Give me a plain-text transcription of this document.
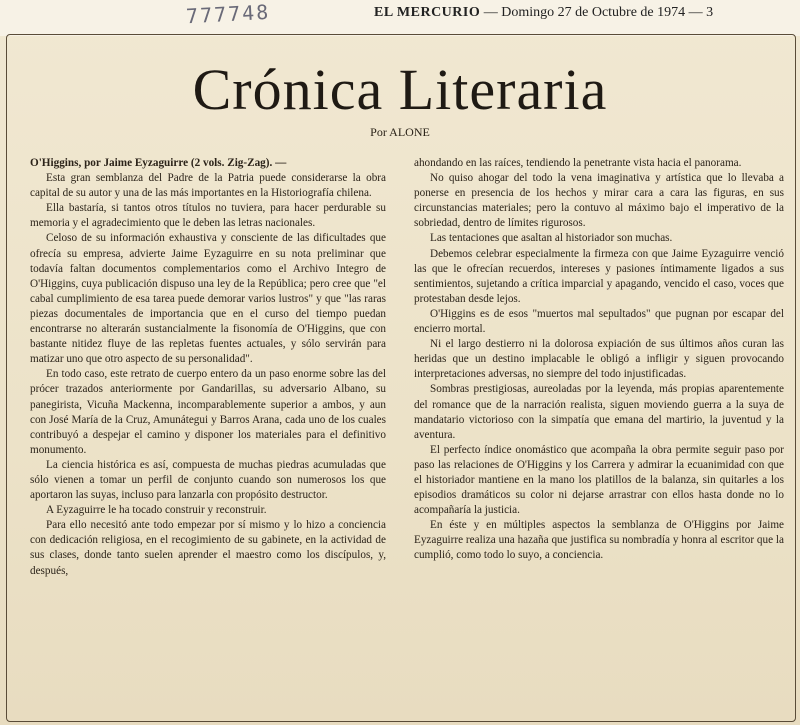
777748	EL MERCURIO — Domingo 27 de Octubre de 1974 — 3
Crónica Literaria
Por ALONE

O'Higgins, por Jaime Eyzaguirre (2 vols. Zig-Zag). —

Esta gran semblanza del Padre de la Patria puede considerarse la obra capital de su autor y una de las más importantes en la Historiografía chilena.

Ella bastaría, si tantos otros títulos no tuviera, para hacer perdurable su memoria y el agradecimiento que le deben las letras nacionales.

Celoso de su información exhaustiva y consciente de las dificultades que ofrecía su empresa, advierte Jaime Eyzaguirre en su nota preliminar que todavía faltan documentos complementarios como el Archivo Integro de O'Higgins, cuya publicación dispuso una ley de la República; pero cree que "el cabal cumplimiento de esa tarea puede demorar varios lustros" y que "las raras piezas documentales de importancia que en el curso del tiempo puedan encontrarse no alterarán sustancialmente la fisonomía de O'Higgins, que con bastante nitidez fluye de las repletas fuentes actuales, y sólo servirán para matizar uno que otro aspecto de su personalidad".

En todo caso, este retrato de cuerpo entero da un paso enorme sobre las del prócer trazados anteriormente por Gandarillas, su adversario Albano, su panegirista, Vicuña Mackenna, incomparablemente superior a ambos, y aun con José María de la Cruz, Amunátegui y Barros Arana, cada uno de los cuales contribuyó a despejar el camino y disponer los materiales para el definitivo monumento.

La ciencia histórica es así, compuesta de muchas piedras acumuladas que sólo vienen a tomar un perfil de conjunto cuando son numerosos los que aportaron las suyas, incluso para lanzarla con propósito destructor.

A Eyzaguirre le ha tocado construir y reconstruir.

Para ello necesitó ante todo empezar por sí mismo y lo hizo a conciencia con dedicación religiosa, en el recogimiento de su gabinete, en la actividad de sus clases, donde tanto suelen aprender el maestro como los discípulos, y, después,

ahondando en las raíces, tendiendo la penetrante vista hacia el panorama.

No quiso ahogar del todo la vena imaginativa y artística que lo llevaba a ponerse en presencia de los hechos y mirar cara a cara las figuras, en sus circunstancias materiales; pero la contuvo al máximo bajo el imperativo de la sobriedad, dentro de límites rigurosos.

Las tentaciones que asaltan al historiador son muchas.

Debemos celebrar especialmente la firmeza con que Jaime Eyzaguirre venció las que le ofrecían recuerdos, intereses y pasiones íntimamente ligados a sus sentimientos, sujetando a crítica imparcial y apagando, vencido el caso, voces que protestaban desde lejos.

O'Higgins es de esos "muertos mal sepultados" que pugnan por escapar del encierro mortal.

Ni el largo destierro ni la dolorosa expiación de sus últimos años curan las heridas que un destino implacable le obligó a infligir y siguen provocando interpretaciones adversas, no siempre del todo injustificadas.

Sombras prestigiosas, aureoladas por la leyenda, más propias aparentemente del romance que de la narración realista, siguen moviendo guerra a la suya de mandatario victorioso con la simpatía que emana del martirio, la juventud y la aventura.

El perfecto índice onomástico que acompaña la obra permite seguir paso por paso las relaciones de O'Higgins y los Carrera y admirar la ecuanimidad con que el historiador mantiene en la mano los platillos de la balanza, sin quitarles a los episodios dramáticos su color ni dejarse arrastrar con ellos hasta donde no lo acompañaría la justicia.

En éste y en múltiples aspectos la semblanza de O'Higgins por Jaime Eyzaguirre realiza una hazaña que justifica su nombradía y honra al escritor que la cumplió, como todo lo suyo, a conciencia.
